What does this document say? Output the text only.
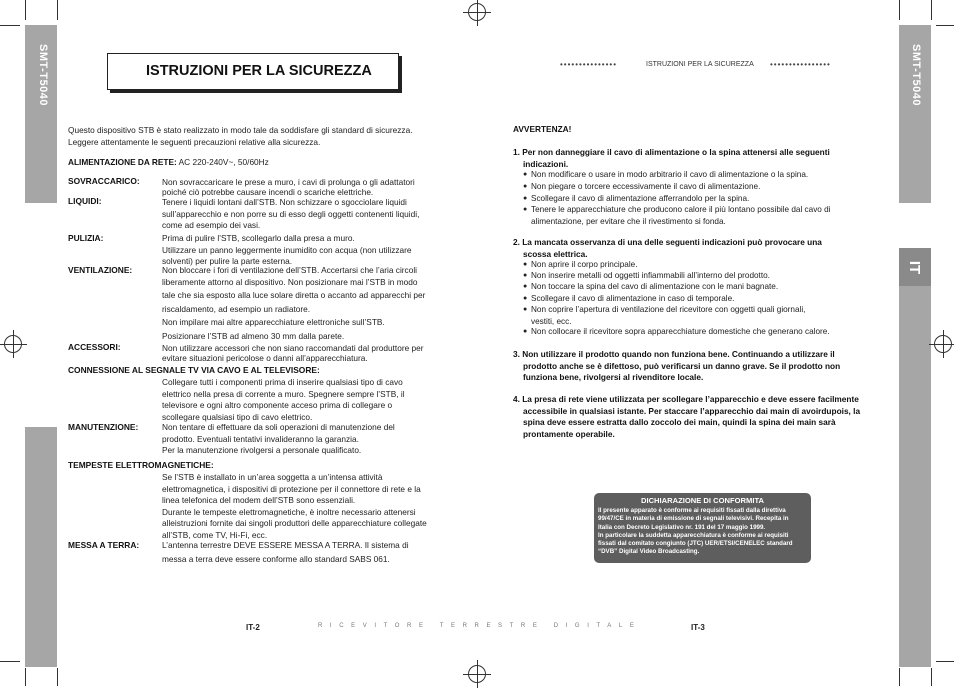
SMT-T5040	SMT-T5040
IT
ISTRUZIONI PER LA SICUREZZA	•••••••••••••••	ISTRUZIONI PER LA SICUREZZA ••••••••••••••••
Questo dispositivo STB è stato realizzato in modo tale da soddisfare gli standard di sicurezza.
Leggere attentamente le seguenti precauzioni relative alla sicurezza.
ALIMENTAZIONE DA RETE: AC 220-240V~, 50/60Hz
SOVRACCARICO:	Non sovraccaricare le prese a muro, i cavi di prolunga o gli adattatori
poiché ciò potrebbe causare incendi o scariche elettriche.
LIQUIDI:	Tenere i liquidi lontani dall’STB. Non schizzare o sgocciolare liquidi
sull’apparecchio e non porre su di esso degli oggetti contenenti liquidi,
come ad esempio dei vasi.
PULIZIA:	Prima di pulire l’STB, scollegarlo dalla presa a muro.
Utilizzare un panno leggermente inumidito con acqua (non utilizzare
solventi) per pulire la parte esterna.
VENTILAZIONE:	Non bloccare i fori di ventilazione dell’STB. Accertarsi che l’aria circoli
liberamente attorno al dispositivo. Non posizionare mai l’STB in modo
tale che sia esposto alla luce solare diretta o accanto ad apparecchi per
riscaldamento, ad esempio un radiatore.
Non impilare mai altre apparecchiature elettroniche sull’STB.
Posizionare l’STB ad almeno 30 mm dalla parete.
ACCESSORI:	Non utilizzare accessori che non siano raccomandati dal produttore per
evitare situazioni pericolose o danni all’apparecchiatura.
CONNESSIONE AL SEGNALE TV VIA CAVO E AL TELEVISORE:
Collegare tutti i componenti prima di inserire qualsiasi tipo di cavo
elettrico nella presa di corrente a muro. Spegnere sempre l’STB, il
televisore e ogni altro componente acceso prima di collegare o
scollegare qualsiasi tipo di cavo elettrico.
MANUTENZIONE:	Non tentare di effettuare da soli operazioni di manutenzione del
prodotto. Eventuali tentativi invalideranno la garanzia.
Per la manutenzione rivolgersi a personale qualificato.
TEMPESTE ELETTROMAGNETICHE:
Se l’STB è installato in un’area soggetta a un’intensa attività
elettromagnetica, i dispositivi di protezione per il connettore di rete e la
linea telefonica del modem dell’STB sono essenziali.
Durante le tempeste elettromagnetiche, è inoltre necessario attenersi
alleistruzioni fornite dai singoli produttori delle apparecchiature collegate
all’STB, come TV, Hi-Fi, ecc.
MESSA A TERRA:	L’antenna terrestre DEVE ESSERE MESSA A TERRA. Il sistema di
messa a terra deve essere conforme allo standard SABS 061.
AVVERTENZA!
1. Per non danneggiare il cavo di alimentazione o la spina attenersi alle seguenti
indicazioni.
● Non modificare o usare in modo arbitrario il cavo di alimentazione o la spina.
● Non piegare o torcere eccessivamente il cavo di alimentazione.
● Scollegare il cavo di alimentazione afferrandolo per la spina.
● Tenere le apparecchiature che producono calore il più lontano possibile dal cavo di
alimentazione, per evitare che il rivestimento si fonda.
2. La mancata osservanza di una delle seguenti indicazioni può provocare una
scossa elettrica.
● Non aprire il corpo principale.
● Non inserire metalli od oggetti infiammabili all’interno del prodotto.
● Non toccare la spina del cavo di alimentazione con le mani bagnate.
● Scollegare il cavo di alimentazione in caso di temporale.
● Non coprire l’apertura di ventilazione del ricevitore con oggetti quali giornali,
vestiti, ecc.
● Non collocare il ricevitore sopra apparecchiature domestiche che generano calore.
3. Non utilizzare il prodotto quando non funziona bene. Continuando a utilizzare il
prodotto anche se è difettoso, può verificarsi un danno grave. Se il prodotto non
funziona bene, rivolgersi al rivenditore locale.
4. La presa di rete viene utilizzata per scollegare l’apparecchio e deve essere facilmente
accessibile in qualsiasi istante. Per staccare l’apparecchio dai main di avoirdupois, la
spina deve essere estratta dallo zoccolo dei main, quindi la spina dei main sarà
prontamente operabile.
DICHIARAZIONE DI CONFORMITA

Il presente apparato è conforme ai requisiti fissati dalla direttiva
99/47/CE in materia di emissione di segnali televisivi. Recepita in
Italia con Decreto Legislativo nr. 191 del 17 maggio 1999.
In particolare la suddetta apparecchiatura è conforme ai requisiti
fissati dal comitato congiunto (JTC) UER/ETSI/CENELEC standard
“DVB” Digital Video Broadcasting.

IT-2	RICEVITORE TERRESTRE DIGITALE	IT-3
